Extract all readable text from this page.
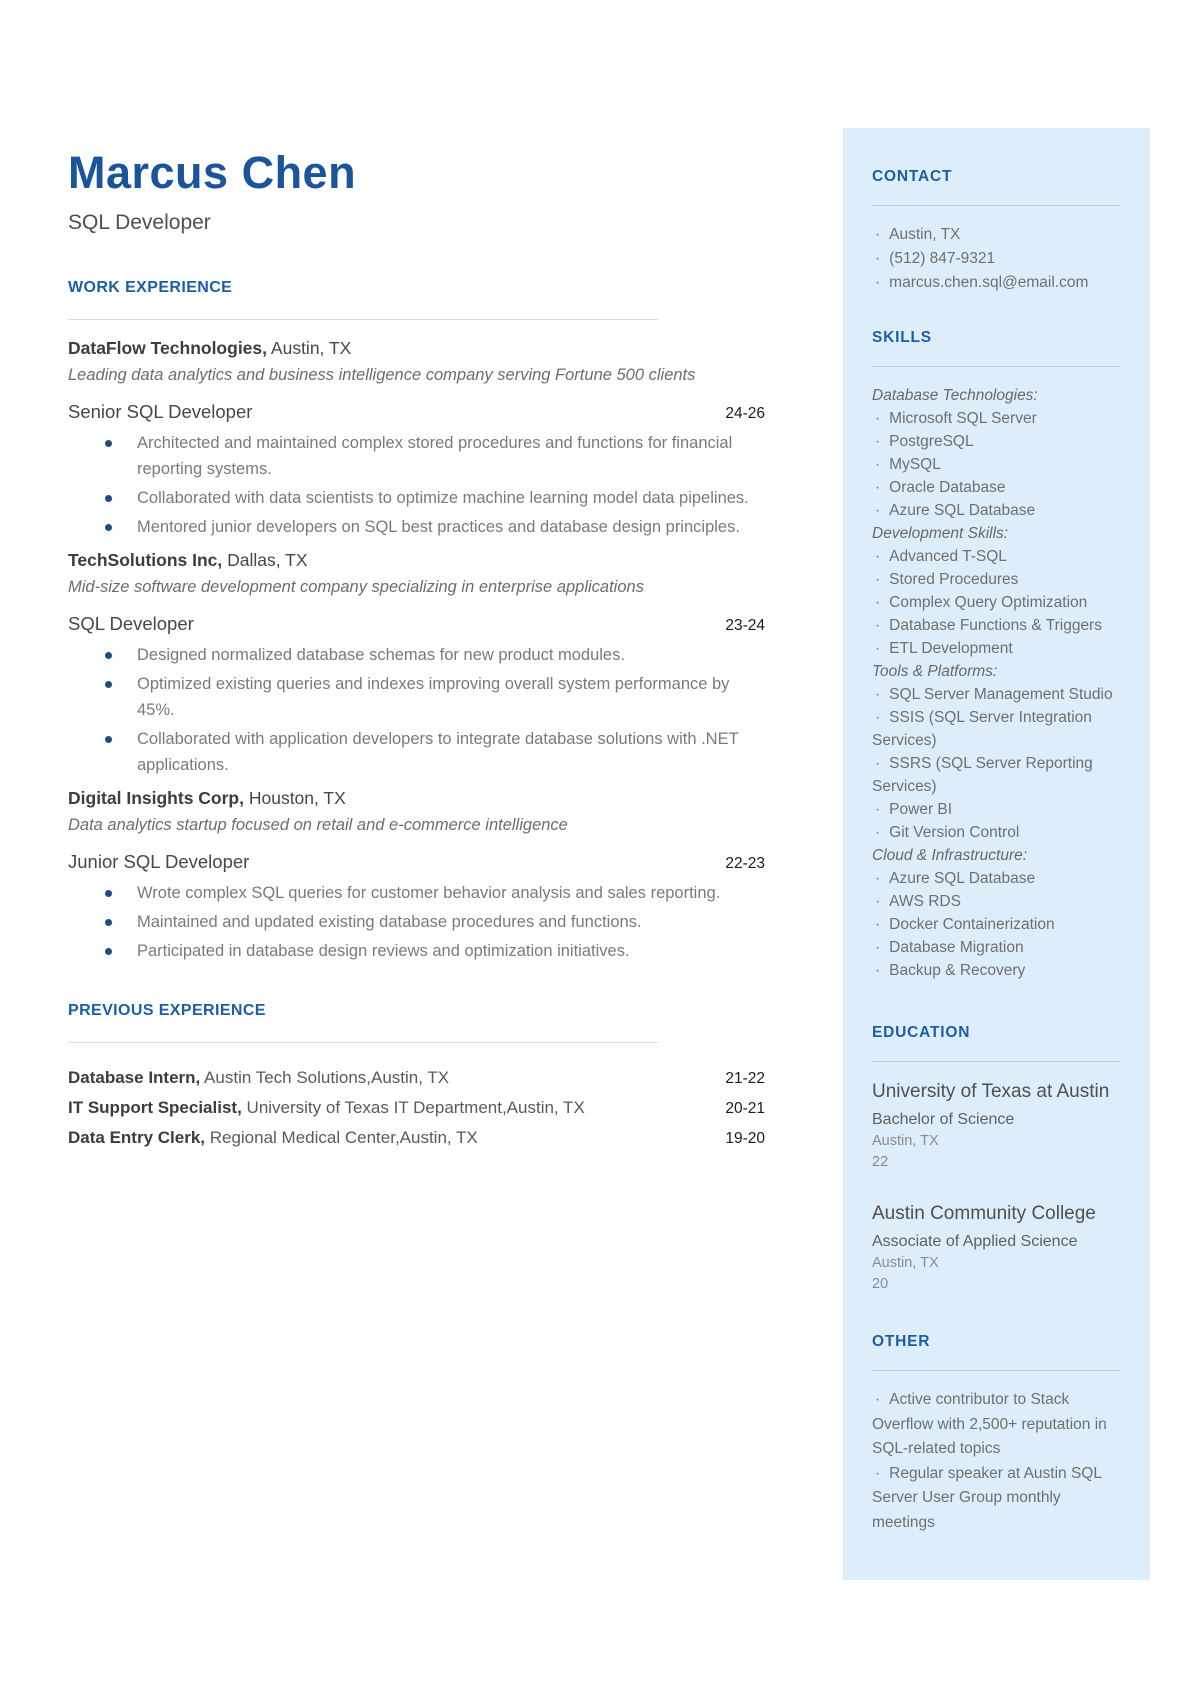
Marcus Chen
SQL Developer
WORK EXPERIENCE
DataFlow Technologies, Austin, TX
Leading data analytics and business intelligence company serving Fortune 500 clients
Senior SQL Developer	24-26
Architected and maintained complex stored procedures and functions for financial reporting systems.
Collaborated with data scientists to optimize machine learning model data pipelines.
Mentored junior developers on SQL best practices and database design principles.
TechSolutions Inc, Dallas, TX
Mid-size software development company specializing in enterprise applications
SQL Developer	23-24
Designed normalized database schemas for new product modules.
Optimized existing queries and indexes improving overall system performance by 45%.
Collaborated with application developers to integrate database solutions with .NET applications.
Digital Insights Corp, Houston, TX
Data analytics startup focused on retail and e-commerce intelligence
Junior SQL Developer	22-23
Wrote complex SQL queries for customer behavior analysis and sales reporting.
Maintained and updated existing database procedures and functions.
Participated in database design reviews and optimization initiatives.
PREVIOUS EXPERIENCE
Database Intern, Austin Tech Solutions,Austin, TX	21-22
IT Support Specialist, University of Texas IT Department,Austin, TX	20-21
Data Entry Clerk, Regional Medical Center,Austin, TX	19-20
CONTACT
· Austin, TX
· (512) 847-9321
· marcus.chen.sql@email.com
SKILLS
Database Technologies:
· Microsoft SQL Server
· PostgreSQL
· MySQL
· Oracle Database
· Azure SQL Database
Development Skills:
· Advanced T-SQL
· Stored Procedures
· Complex Query Optimization
· Database Functions & Triggers
· ETL Development
Tools & Platforms:
· SQL Server Management Studio
· SSIS (SQL Server Integration Services)
· SSRS (SQL Server Reporting Services)
· Power BI
· Git Version Control
Cloud & Infrastructure:
· Azure SQL Database
· AWS RDS
· Docker Containerization
· Database Migration
· Backup & Recovery
EDUCATION
University of Texas at Austin
Bachelor of Science
Austin, TX
22
Austin Community College
Associate of Applied Science
Austin, TX
20
OTHER
· Active contributor to Stack Overflow with 2,500+ reputation in SQL-related topics
· Regular speaker at Austin SQL Server User Group monthly meetings
